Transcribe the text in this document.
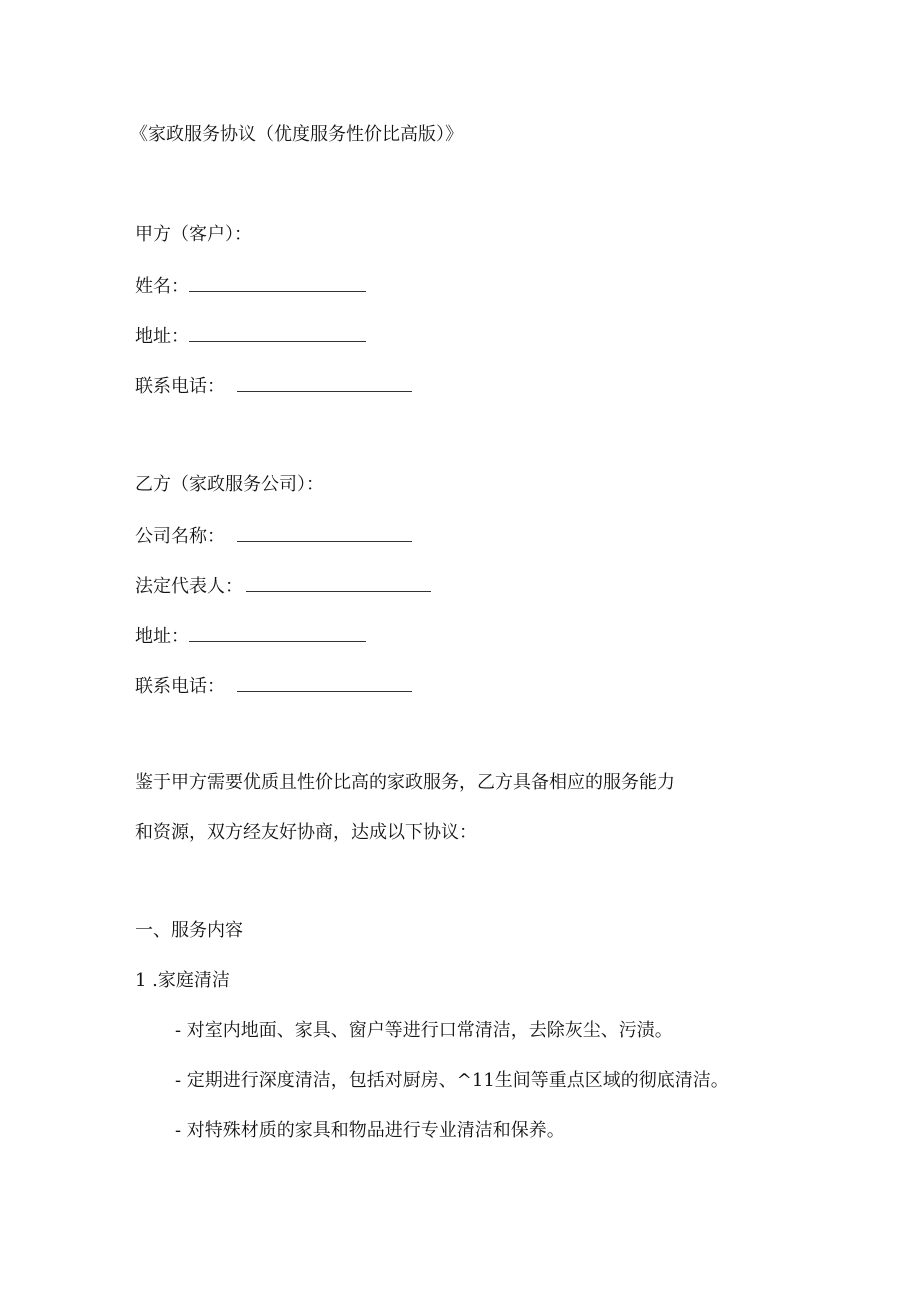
《家政服务协议（优度服务性价比高版）》
甲方（客户）：
姓名：
地址：
联系电话：
乙方（家政服务公司）：
公司名称：
法定代表人：
地址：
联系电话：
鉴于甲方需要优质且性价比高的家政服务，乙方具备相应的服务能力
和资源，双方经友好协商，达成以下协议：
一、服务内容
1 .家庭清洁
- 对室内地面、家具、窗户等进行口常清洁，去除灰尘、污渍。
- 定期进行深度清洁，包括对厨房、^11生间等重点区域的彻底清洁。
- 对特殊材质的家具和物品进行专业清洁和保养。
